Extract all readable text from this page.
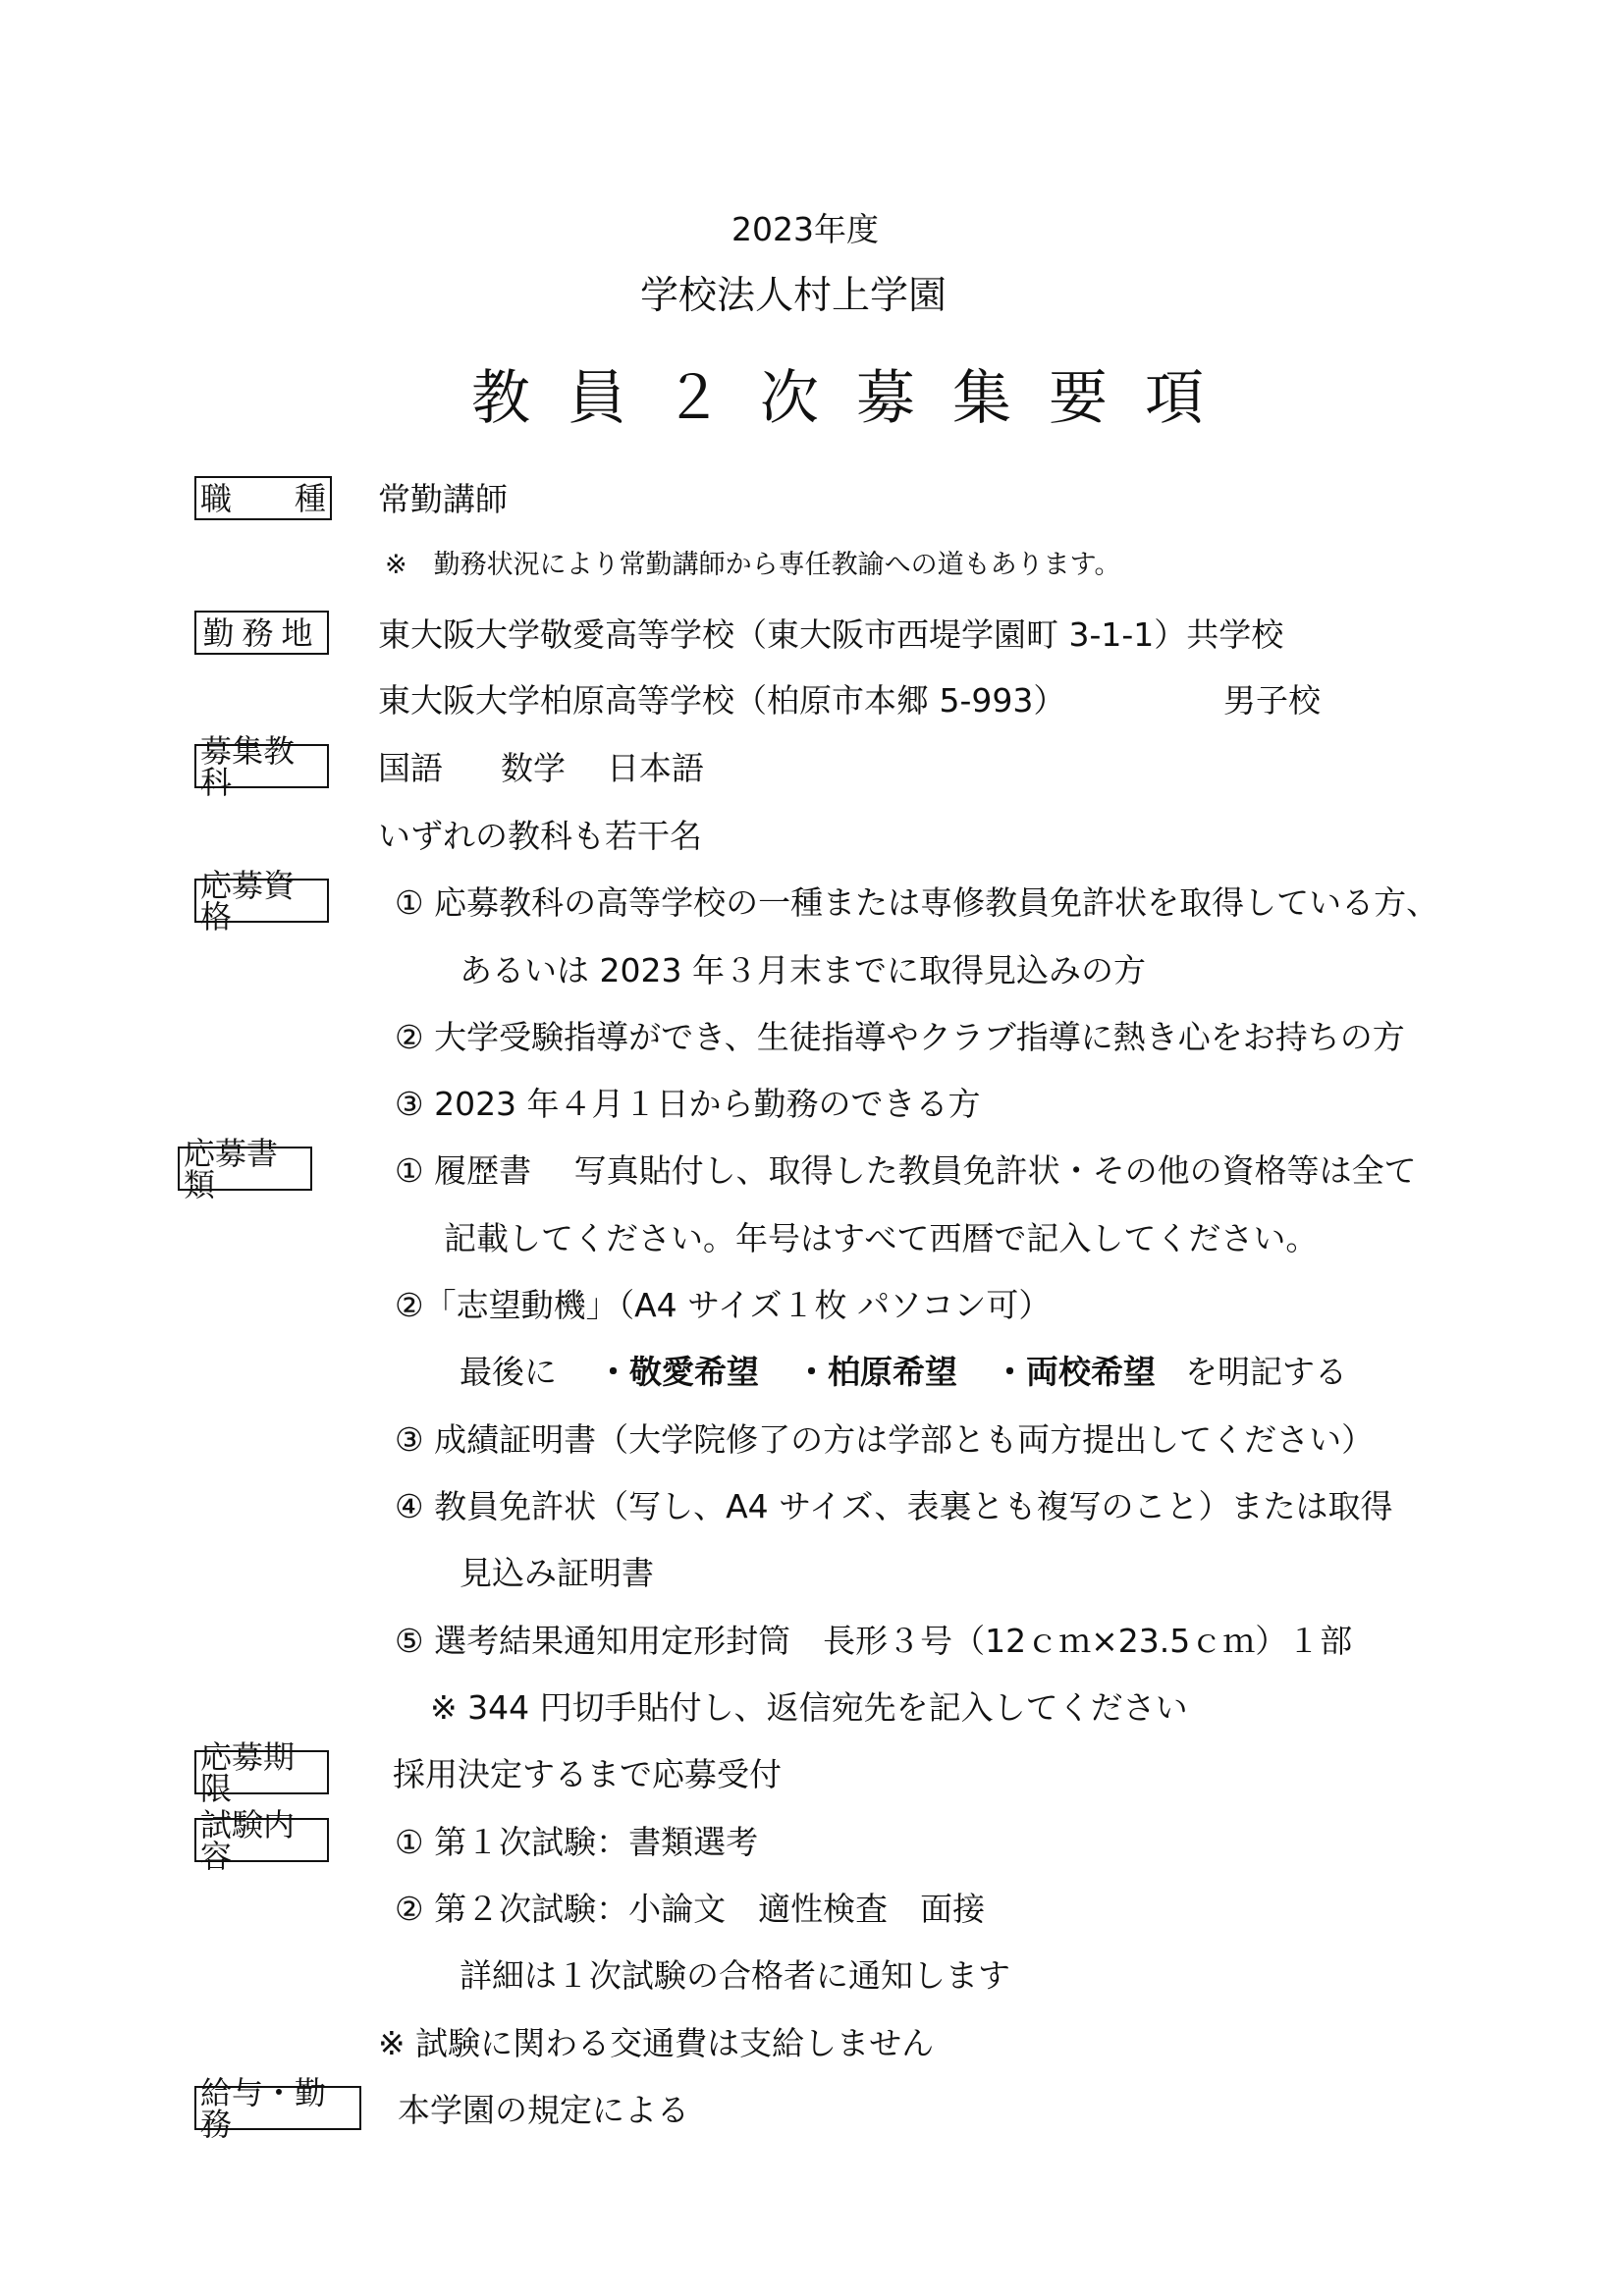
2023年度
学校法人村上学園
教員２次募集要項
職 種 常勤講師
※　勤務状況により常勤講師から専任教諭への道もあります。
勤務地 東大阪大学敬愛高等学校（東大阪市西堤学園町 3-1-1）共学校
東大阪大学柏原高等学校（柏原市本郷 5-993）	男子校
募集教科	国語 数学 日本語
いずれの教科も若干名
応募資格	① 応募教科の高等学校の一種または専修教員免許状を取得している方、
あるいは 2023 年３月末までに取得見込みの方
② 大学受験指導ができ、生徒指導やクラブ指導に熱き心をお持ちの方
③ 2023 年４月１日から勤務のできる方
応募書類	① 履歴書　 写真貼付し、取得した教員免許状・その他の資格等は全て
記載してください。年号はすべて西暦で記入してください。
②「志望動機」（A4 サイズ１枚 パソコン可）
最後に ・敬愛希望 ・柏原希望 ・両校希望 を明記する
③ 成績証明書（大学院修了の方は学部とも両方提出してください）
④ 教員免許状（写し、A4 サイズ、表裏とも複写のこと）または取得
見込み証明書
⑤ 選考結果通知用定形封筒　長形３号（12ｃｍ×23.5ｃｍ）１部
※ 344 円切手貼付し、返信宛先を記入してください
応募期限	採用決定するまで応募受付
試験内容	① 第１次試験：書類選考
② 第２次試験：小論文　適性検査　面接
詳細は１次試験の合格者に通知します
※ 試験に関わる交通費は支給しません
給与・勤務	本学園の規定による
